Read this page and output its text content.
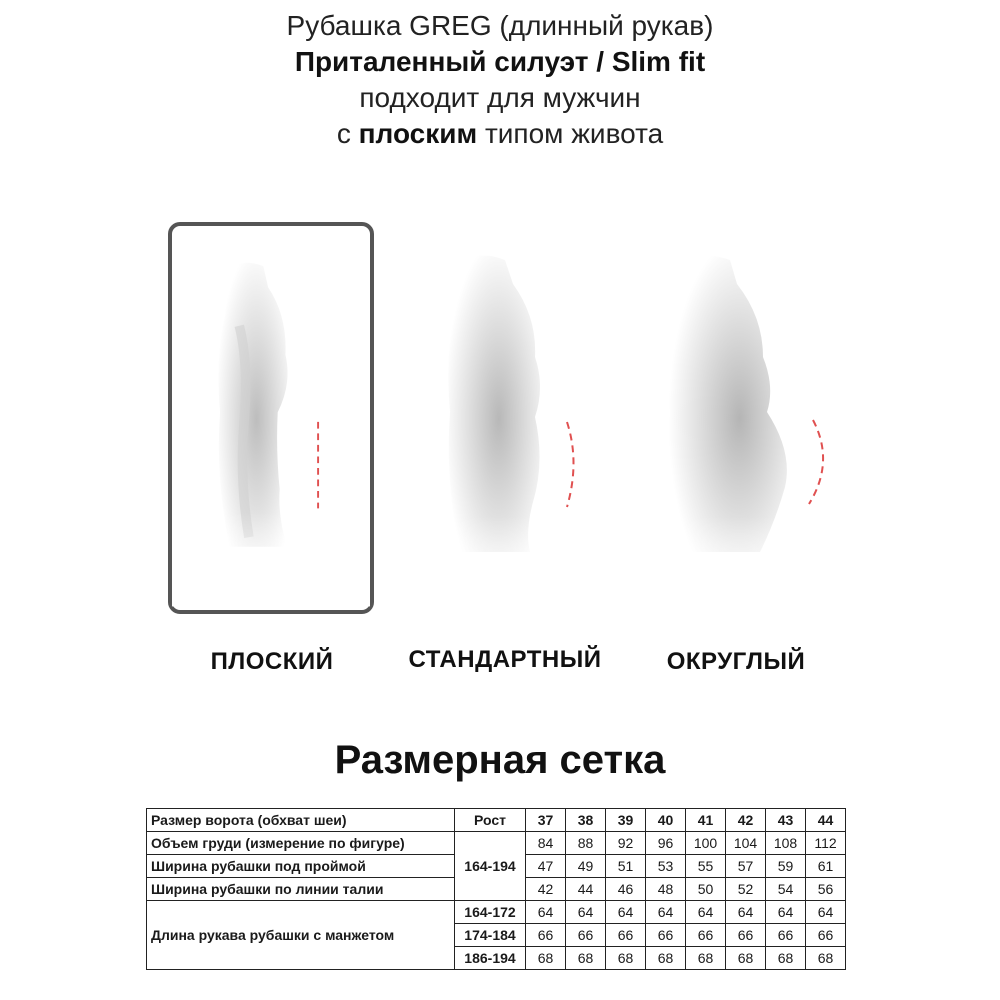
Рубашка GREG (длинный рукав)
Приталенный силуэт / Slim fit
подходит для мужчин
с плоским типом живота
ПЛОСКИЙ	СТАНДАРТНЫЙ	ОКРУГЛЫЙ
Размерная сетка
Размер ворота (обхват шеи)	Рост	37	38	39	40	41	42	43	44
Объем груди (измерение по фигуре)	164-194	84	88	92	96	100	104	108	112
Ширина рубашки под проймой		47	49	51	53	55	57	59	61
Ширина рубашки по линии талии		42	44	46	48	50	52	54	56
Длина рукава рубашки с манжетом	164-172	64	64	64	64	64	64	64	64
	174-184	66	66	66	66	66	66	66	66
	186-194	68	68	68	68	68	68	68	68
